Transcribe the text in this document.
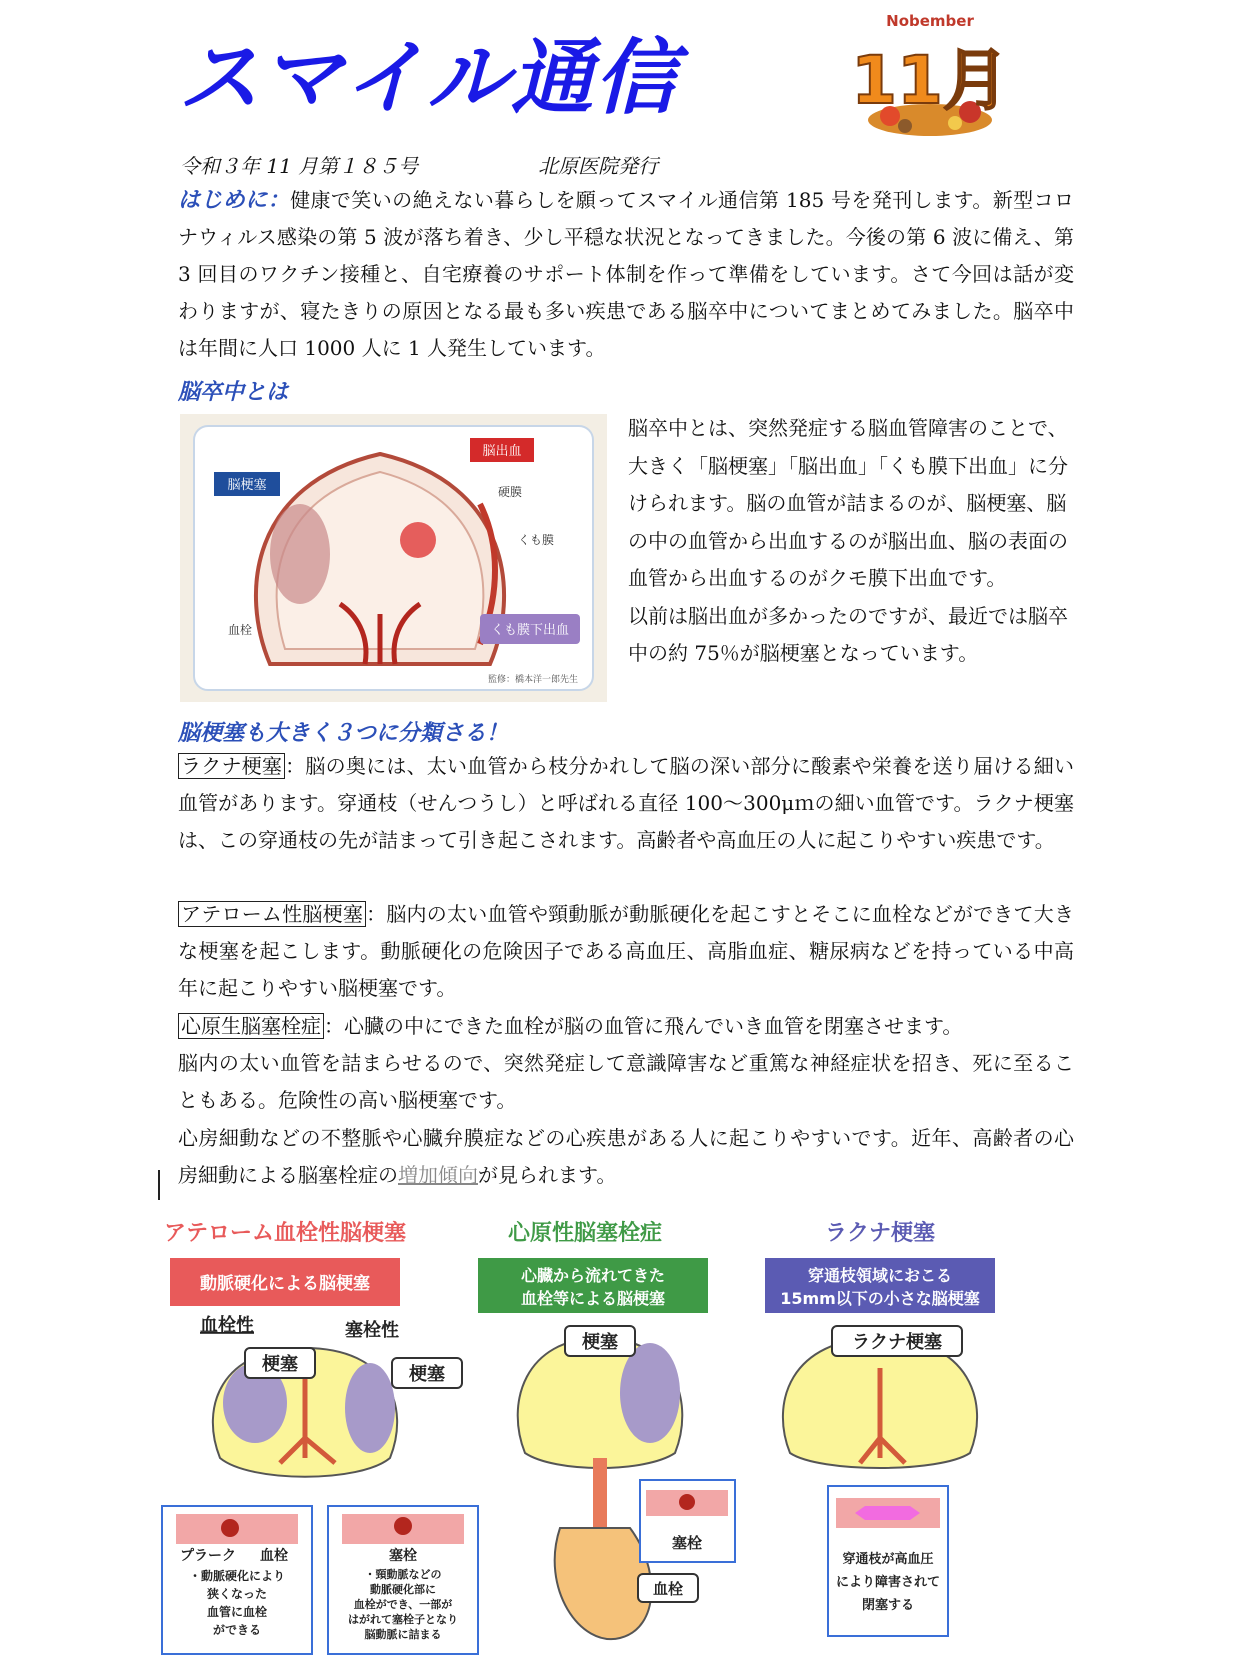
スマイル通信
Nobember
11月
令和３年 11 月第１８５号	北原医院発行
はじめに：健康で笑いの絶えない暮らしを願ってスマイル通信第 185 号を発刊します。新型コロナウィルス感染の第 5 波が落ち着き、少し平穏な状況となってきました。今後の第 6 波に備え、第 3 回目のワクチン接種と、自宅療養のサポート体制を作って準備をしています。さて今回は話が変わりますが、寝たきりの原因となる最も多い疾患である脳卒中についてまとめてみました。脳卒中は年間に人口 1000 人に 1 人発生しています。
脳卒中とは
脳梗塞
脳出血
硬膜
くも膜
血栓	くも膜下出血
監修：橋本洋一郎先生
脳卒中とは、突然発症する脳血管障害のことで、大きく「脳梗塞」「脳出血」「くも膜下出血」に分けられます。脳の血管が詰まるのが、脳梗塞、脳の中の血管から出血するのが脳出血、脳の表面の血管から出血するのがクモ膜下出血です。
以前は脳出血が多かったのですが、最近では脳卒中の約 75％が脳梗塞となっています。
脳梗塞も大きく３つに分類さる！
ラクナ梗塞 ：脳の奥には、太い血管から枝分かれして脳の深い部分に酸素や栄養を送り届ける細い血管があります。穿通枝（せんつうし）と呼ばれる直径 100～300μｍの細い血管です。ラクナ梗塞は、この穿通枝の先が詰まって引き起こされます。高齢者や高血圧の人に起こりやすい疾患です。
アテローム性脳梗塞 ：脳内の太い血管や頸動脈が動脈硬化を起こすとそこに血栓などができて大きな梗塞を起こします。動脈硬化の危険因子である高血圧、高脂血症、糖尿病などを持っている中高年に起こりやすい脳梗塞です。
心原生脳塞栓症 ：心臓の中にできた血栓が脳の血管に飛んでいき血管を閉塞させます。
脳内の太い血管を詰まらせるので、突然発症して意識障害など重篤な神経症状を招き、死に至ることもある。危険性の高い脳梗塞です。
心房細動などの不整脈や心臓弁膜症などの心疾患がある人に起こりやすいです。近年、高齢者の心房細動による脳塞栓症の増加傾向が見られます。
アテローム血栓性脳梗塞
動脈硬化による脳梗塞
血栓性	塞栓性
梗塞	梗塞
プラーク 血栓
・動脈硬化により
狭くなった
血管に血栓
ができる
塞栓
・頸動脈などの
動脈硬化部に
血栓ができ、一部が
はがれて塞栓子となり
脳動脈に詰まる
心原性脳塞栓症
心臓から流れてきた
血栓等による脳梗塞
梗塞
塞栓
血栓
ラクナ梗塞
穿通枝領域におこる
15mm以下の小さな脳梗塞
ラクナ梗塞
穿通枝が高血圧
により障害されて
閉塞する
